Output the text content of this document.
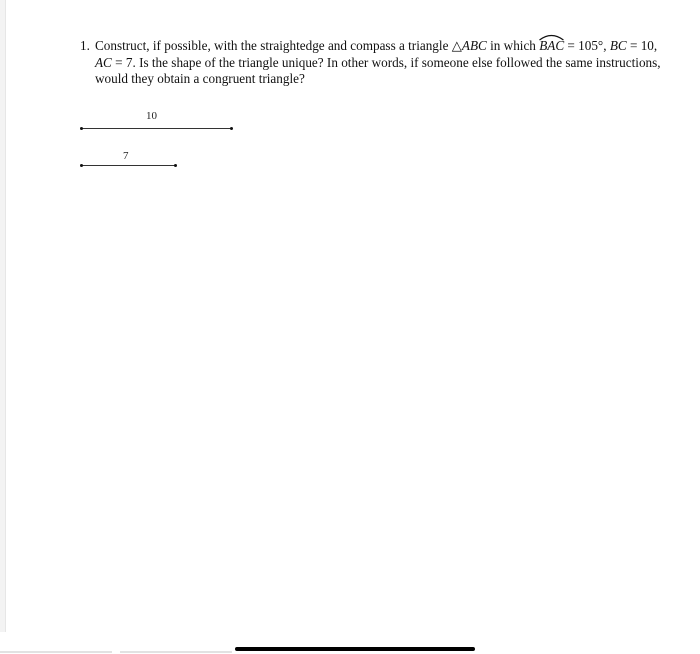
1. Construct, if possible, with the straightedge and compass a triangle △ABC in which
BAC = 105°, BC = 10,
AC = 7. Is the shape of the triangle unique? In other words, if someone else followed the same instructions,
would they obtain a congruent triangle?
10
7
